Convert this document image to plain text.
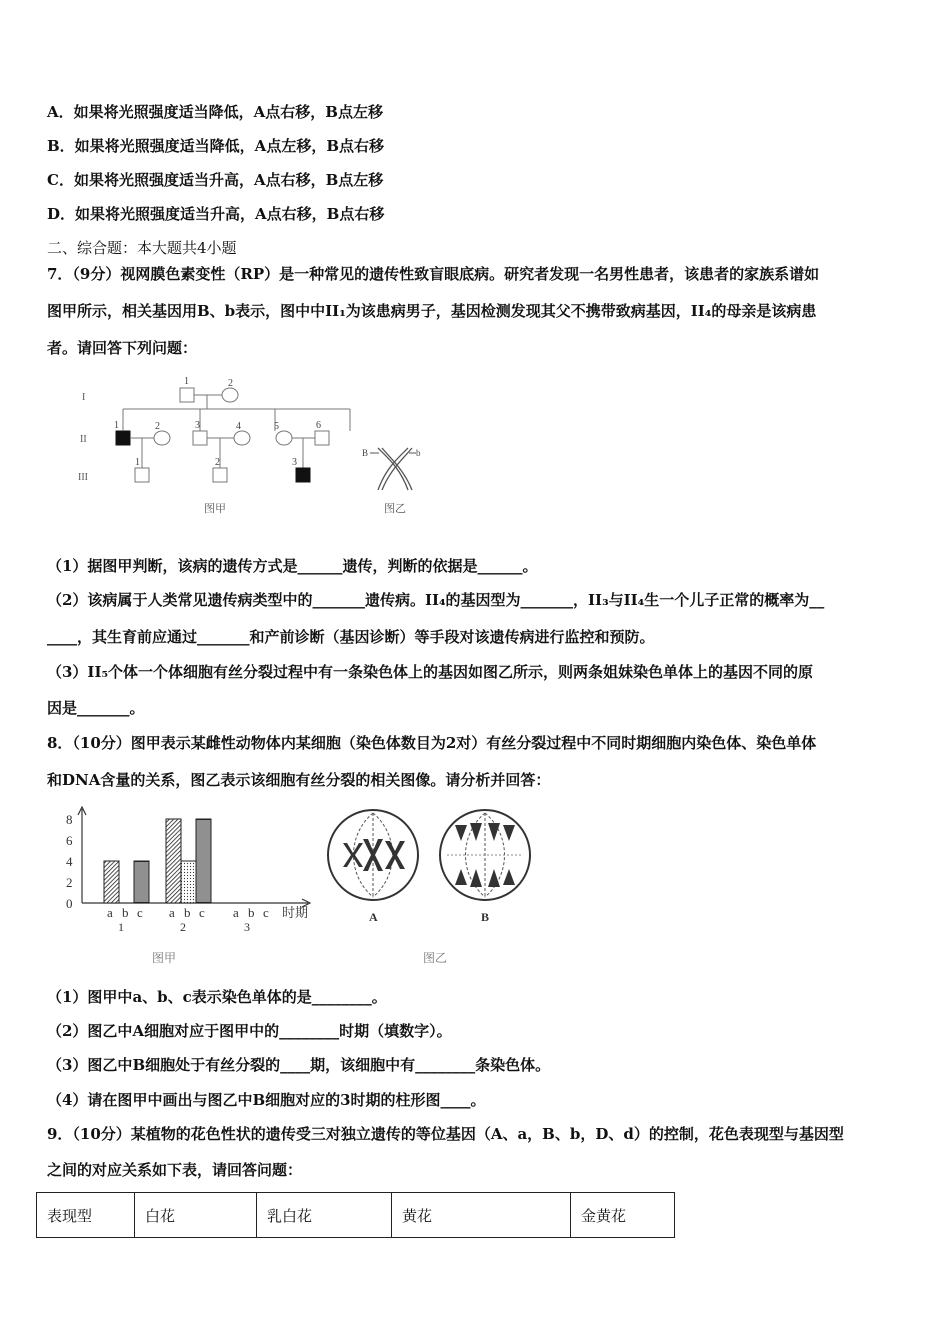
A．如果将光照强度适当降低，A点右移，B点左移
B．如果将光照强度适当降低，A点左移，B点右移
C．如果将光照强度适当升高，A点右移，B点左移
D．如果将光照强度适当升高，A点右移，B点右移
二、综合题：本大题共4小题
7．（9分）视网膜色素变性（RP）是一种常见的遗传性致盲眼底病。研究者发现一名男性患者，该患者的家族系谱如
图甲所示，相关基因用B、b表示，图中中II₁为该患病男子，基因检测发现其父不携带致病基因，II₄的母亲是该病患
者。请回答下列问题：
I
II
III
1	2
1	2	3	4	5	6
1	2	3
B	b
图甲	图乙
（1）据图甲判断，该病的遗传方式是______遗传，判断的依据是______。
（2）该病属于人类常见遗传病类型中的_______遗传病。II₄的基因型为_______，II₃与II₄生一个儿子正常的概率为__
____，其生育前应通过_______和产前诊断（基因诊断）等手段对该遗传病进行监控和预防。
（3）II₅个体一个体细胞有丝分裂过程中有一条染色体上的基因如图乙所示，则两条姐妹染色单体上的基因不同的原
因是_______。
8．（10分）图甲表示某雌性动物体内某细胞（染色体数目为2对）有丝分裂过程中不同时期细胞内染色体、染色单体
和DNA含量的关系，图乙表示该细胞有丝分裂的相关图像。请分析并回答：
0
2
4
6
8
a b c
1
a b c
2
a b c
3
时期
图甲
A	B
图乙
（1）图甲中a、b、c表示染色单体的是________。
（2）图乙中A细胞对应于图甲中的________时期（填数字）。
（3）图乙中B细胞处于有丝分裂的____期，该细胞中有________条染色体。
（4）请在图甲中画出与图乙中B细胞对应的3时期的柱形图____。
9．（10分）某植物的花色性状的遗传受三对独立遗传的等位基因（A、a，B、b，D、d）的控制，花色表现型与基因型
之间的对应关系如下表，请回答问题：
表现型	白花	乳白花	黄花	金黄花
